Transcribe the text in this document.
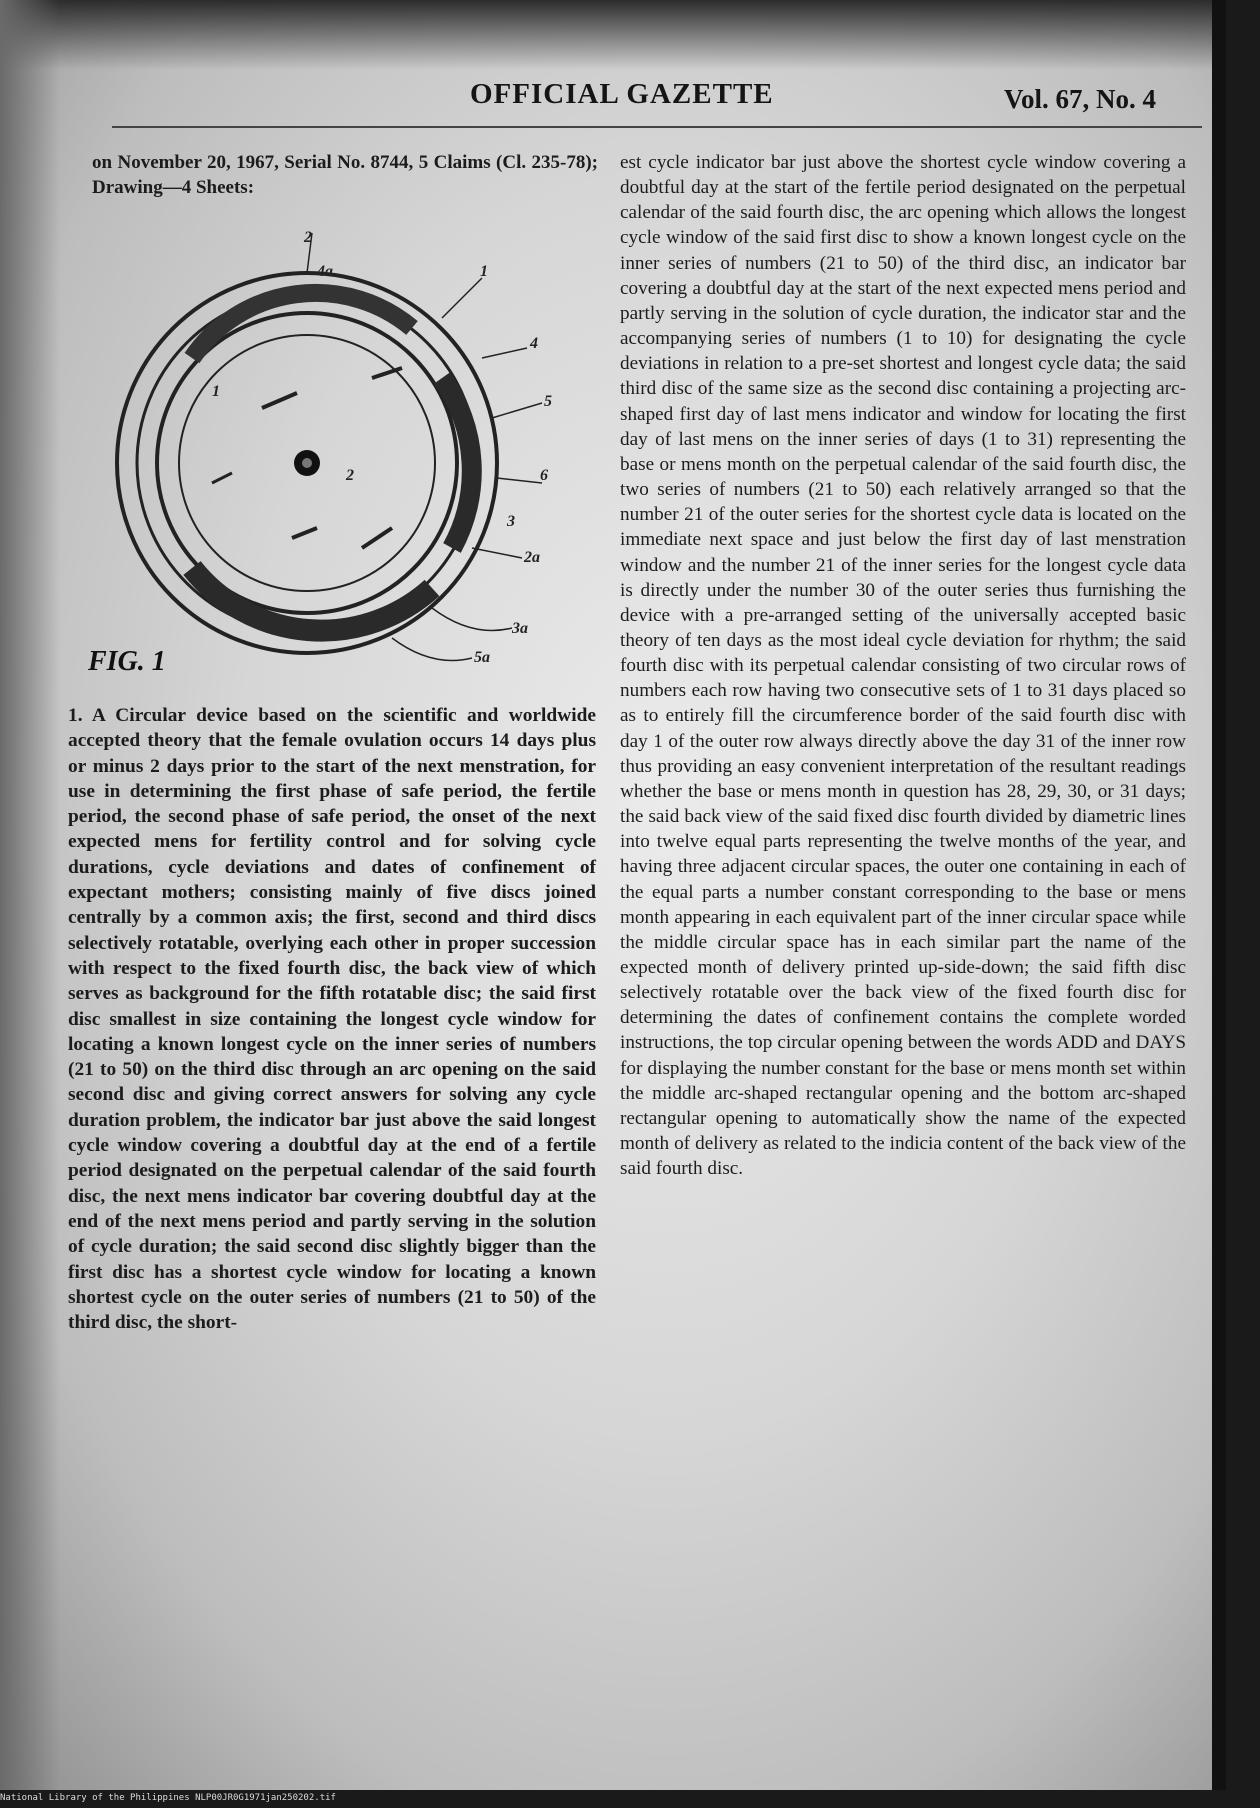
OFFICIAL GAZETTE	Vol. 67, No. 4
on November 20, 1967, Serial No. 8744, 5 Claims (Cl. 235-78); Drawing—4 Sheets:
2
1
4
5
6
2a
2
3
3a
5a
4a
1
FIG. 1
1. A Circular device based on the scientific and worldwide accepted theory that the female ovulation occurs 14 days plus or minus 2 days prior to the start of the next menstration, for use in determining the first phase of safe period, the fertile period, the second phase of safe period, the onset of the next expected mens for fertility control and for solving cycle durations, cycle deviations and dates of confinement of expectant mothers; consisting mainly of five discs joined centrally by a common axis; the first, second and third discs selectively rotatable, overlying each other in proper succession with respect to the fixed fourth disc, the back view of which serves as background for the fifth rotatable disc; the said first disc smallest in size containing the longest cycle window for locating a known longest cycle on the inner series of numbers (21 to 50) on the third disc through an arc opening on the said second disc and giving correct answers for solving any cycle duration problem, the indicator bar just above the said longest cycle window covering a doubtful day at the end of a fertile period designated on the perpetual calendar of the said fourth disc, the next mens indicator bar covering doubtful day at the end of the next mens period and partly serving in the solution of cycle duration; the said second disc slightly bigger than the first disc has a shortest cycle window for locating a known shortest cycle on the outer series of numbers (21 to 50) of the third disc, the short-
est cycle indicator bar just above the shortest cycle window covering a doubtful day at the start of the fertile period designated on the perpetual calendar of the said fourth disc, the arc opening which allows the longest cycle window of the said first disc to show a known longest cycle on the inner series of numbers (21 to 50) of the third disc, an indicator bar covering a doubtful day at the start of the next expected mens period and partly serving in the solution of cycle duration, the indicator star and the accompanying series of numbers (1 to 10) for designating the cycle deviations in relation to a pre-set shortest and longest cycle data; the said third disc of the same size as the second disc containing a projecting arc-shaped first day of last mens indicator and window for locating the first day of last mens on the inner series of days (1 to 31) representing the base or mens month on the perpetual calendar of the said fourth disc, the two series of numbers (21 to 50) each relatively arranged so that the number 21 of the outer series for the shortest cycle data is located on the immediate next space and just below the first day of last menstration window and the number 21 of the inner series for the longest cycle data is directly under the number 30 of the outer series thus furnishing the device with a pre-arranged setting of the universally accepted basic theory of ten days as the most ideal cycle deviation for rhythm; the said fourth disc with its perpetual calendar consisting of two circular rows of numbers each row having two consecutive sets of 1 to 31 days placed so as to entirely fill the circumference border of the said fourth disc with day 1 of the outer row always directly above the day 31 of the inner row thus providing an easy convenient interpretation of the resultant readings whether the base or mens month in question has 28, 29, 30, or 31 days; the said back view of the said fixed disc fourth divided by diametric lines into twelve equal parts representing the twelve months of the year, and having three adjacent circular spaces, the outer one containing in each of the equal parts a number constant corresponding to the base or mens month appearing in each equivalent part of the inner circular space while the middle circular space has in each similar part the name of the expected month of delivery printed up-side-down; the said fifth disc selectively rotatable over the back view of the fixed fourth disc for determining the dates of confinement contains the complete worded instructions, the top circular opening between the words ADD and DAYS for displaying the number constant for the base or mens month set within the middle arc-shaped rectangular opening and the bottom arc-shaped rectangular opening to automatically show the name of the expected month of delivery as related to the indicia content of the back view of the said fourth disc.
National Library of the Philippines NLP00JR0G1971jan250202.tif
